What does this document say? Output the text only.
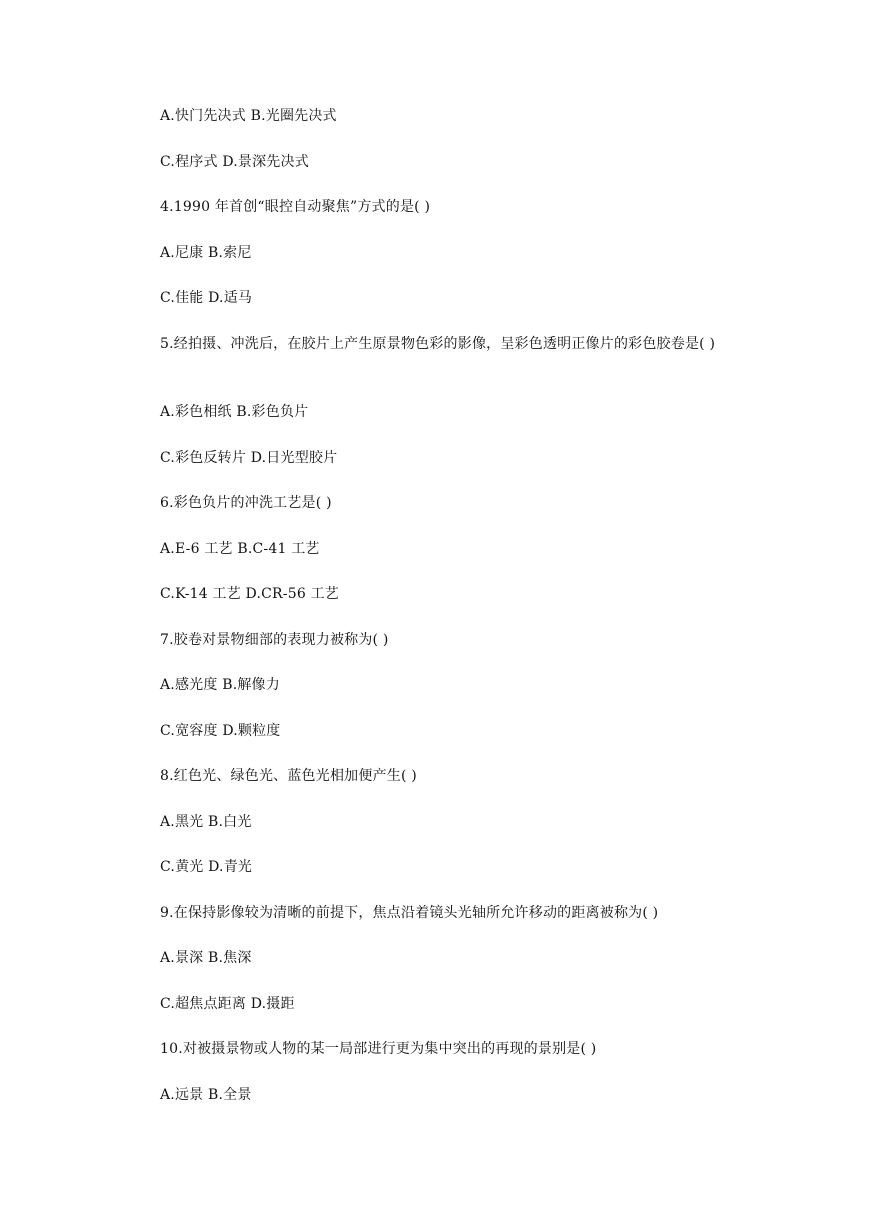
A.快门先决式 B.光圈先决式
C.程序式 D.景深先决式
4.1990 年首创“眼控自动聚焦”方式的是( )
A.尼康 B.索尼
C.佳能 D.适马
5.经拍摄、冲洗后，在胶片上产生原景物色彩的影像，呈彩色透明正像片的彩色胶卷是( )
A.彩色相纸 B.彩色负片
C.彩色反转片 D.日光型胶片
6.彩色负片的冲洗工艺是( )
A.E-6 工艺 B.C-41 工艺
C.K-14 工艺 D.CR-56 工艺
7.胶卷对景物细部的表现力被称为( )
A.感光度 B.解像力
C.宽容度 D.颗粒度
8.红色光、绿色光、蓝色光相加便产生( )
A.黑光 B.白光
C.黄光 D.青光
9.在保持影像较为清晰的前提下，焦点沿着镜头光轴所允许移动的距离被称为( )
A.景深 B.焦深
C.超焦点距离 D.摄距
10.对被摄景物或人物的某一局部进行更为集中突出的再现的景别是( )
A.远景 B.全景
